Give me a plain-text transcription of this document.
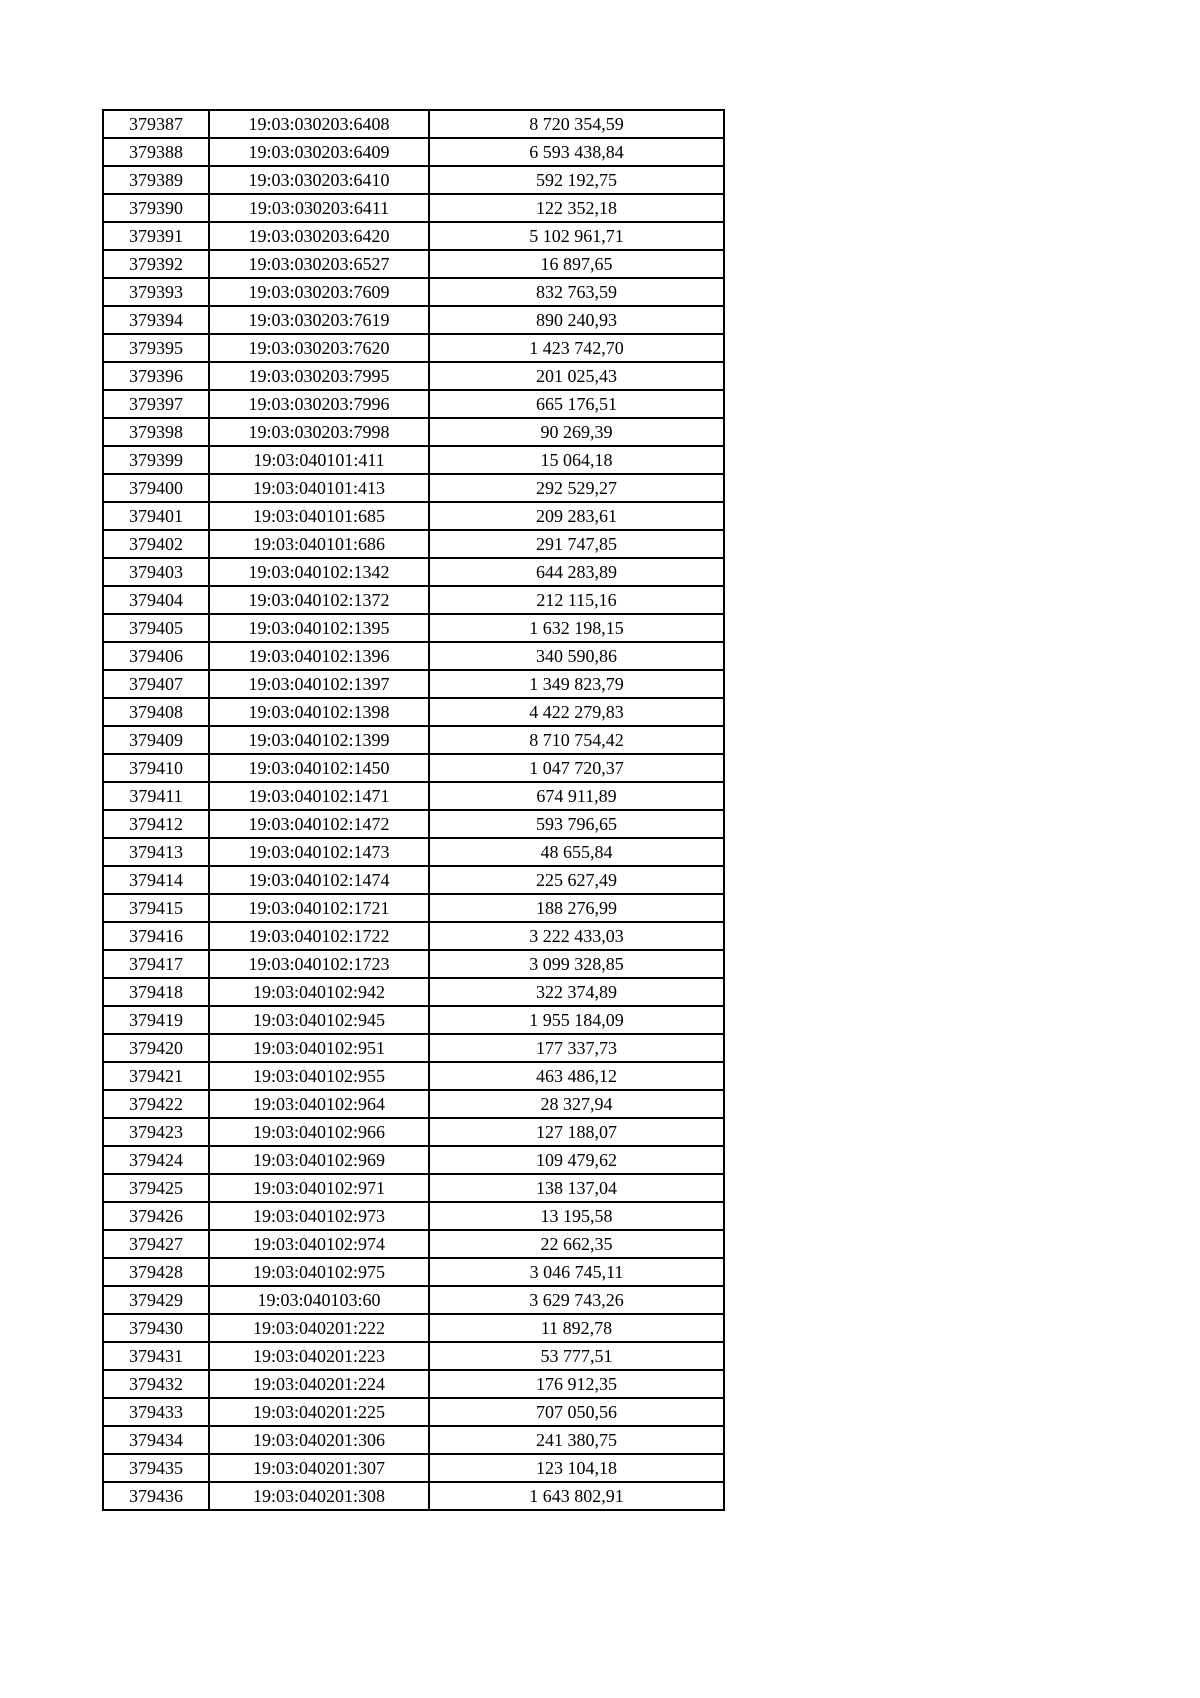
379387	19:03:030203:6408	8 720 354,59
379388	19:03:030203:6409	6 593 438,84
379389	19:03:030203:6410	592 192,75
379390	19:03:030203:6411	122 352,18
379391	19:03:030203:6420	5 102 961,71
379392	19:03:030203:6527	16 897,65
379393	19:03:030203:7609	832 763,59
379394	19:03:030203:7619	890 240,93
379395	19:03:030203:7620	1 423 742,70
379396	19:03:030203:7995	201 025,43
379397	19:03:030203:7996	665 176,51
379398	19:03:030203:7998	90 269,39
379399	19:03:040101:411	15 064,18
379400	19:03:040101:413	292 529,27
379401	19:03:040101:685	209 283,61
379402	19:03:040101:686	291 747,85
379403	19:03:040102:1342	644 283,89
379404	19:03:040102:1372	212 115,16
379405	19:03:040102:1395	1 632 198,15
379406	19:03:040102:1396	340 590,86
379407	19:03:040102:1397	1 349 823,79
379408	19:03:040102:1398	4 422 279,83
379409	19:03:040102:1399	8 710 754,42
379410	19:03:040102:1450	1 047 720,37
379411	19:03:040102:1471	674 911,89
379412	19:03:040102:1472	593 796,65
379413	19:03:040102:1473	48 655,84
379414	19:03:040102:1474	225 627,49
379415	19:03:040102:1721	188 276,99
379416	19:03:040102:1722	3 222 433,03
379417	19:03:040102:1723	3 099 328,85
379418	19:03:040102:942	322 374,89
379419	19:03:040102:945	1 955 184,09
379420	19:03:040102:951	177 337,73
379421	19:03:040102:955	463 486,12
379422	19:03:040102:964	28 327,94
379423	19:03:040102:966	127 188,07
379424	19:03:040102:969	109 479,62
379425	19:03:040102:971	138 137,04
379426	19:03:040102:973	13 195,58
379427	19:03:040102:974	22 662,35
379428	19:03:040102:975	3 046 745,11
379429	19:03:040103:60	3 629 743,26
379430	19:03:040201:222	11 892,78
379431	19:03:040201:223	53 777,51
379432	19:03:040201:224	176 912,35
379433	19:03:040201:225	707 050,56
379434	19:03:040201:306	241 380,75
379435	19:03:040201:307	123 104,18
379436	19:03:040201:308	1 643 802,91
